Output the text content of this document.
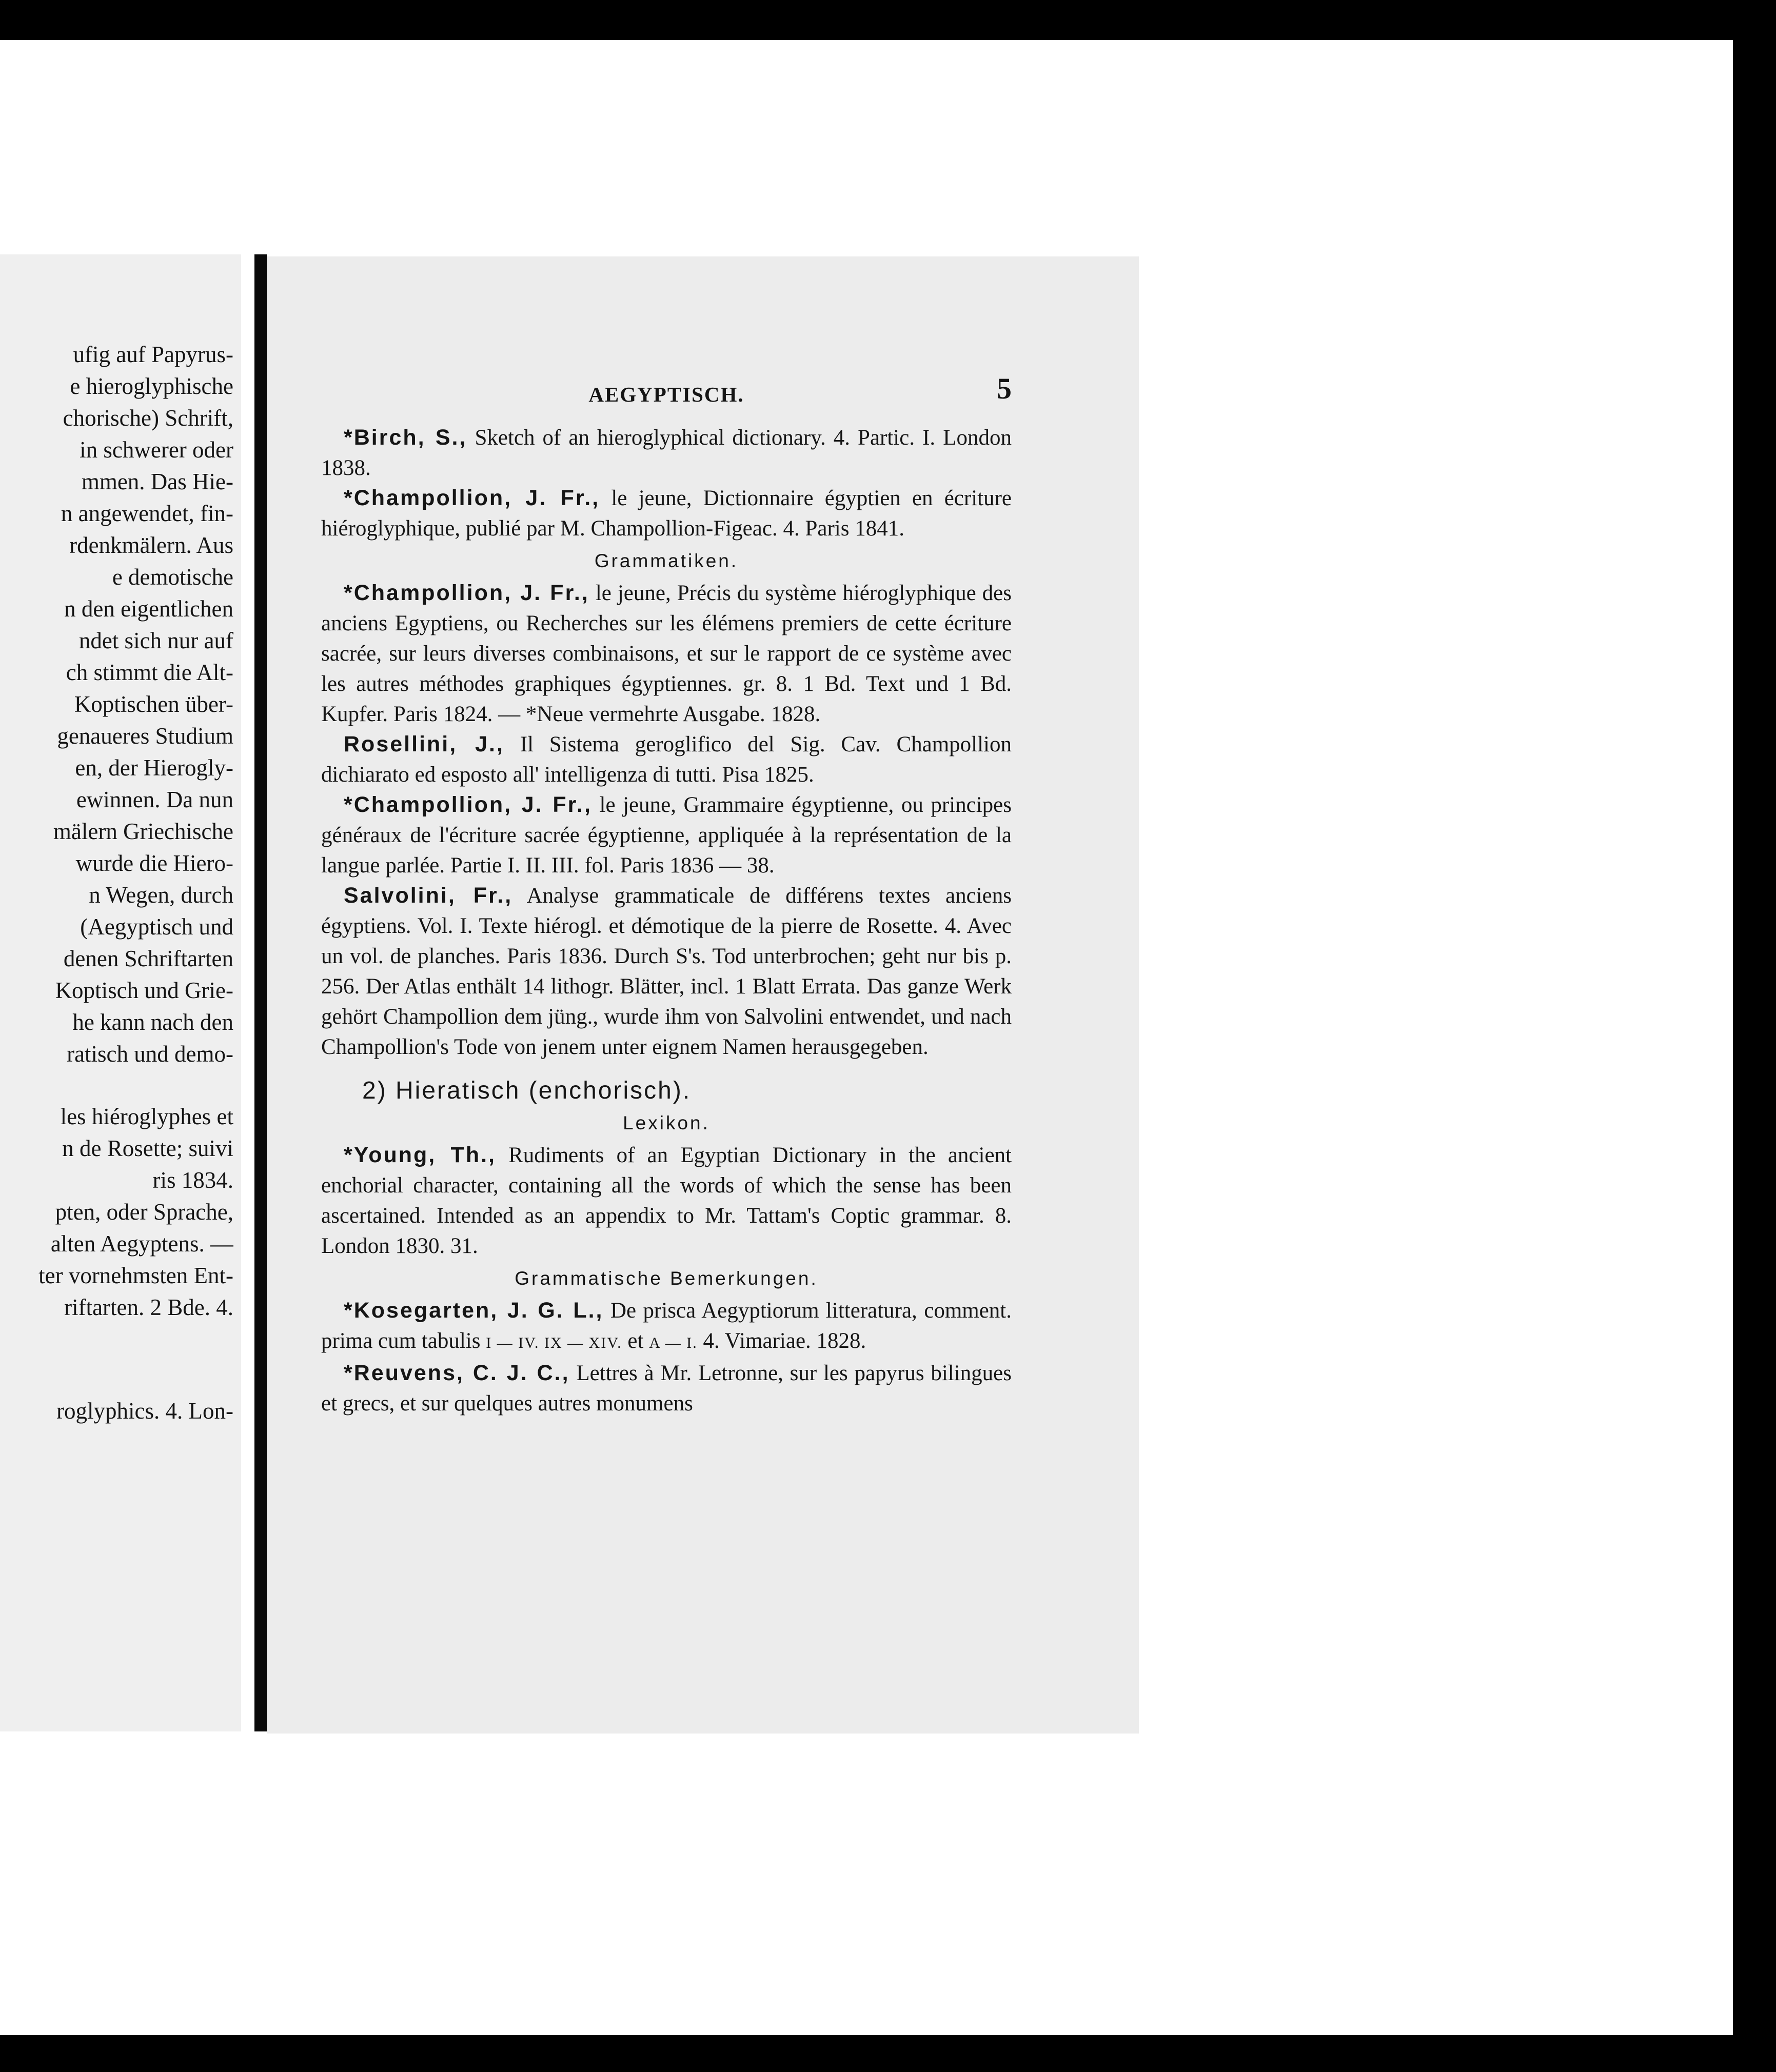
ufig auf Papyrus-
e hieroglyphische
chorische) Schrift,
in schwerer oder
mmen. Das Hie-
n angewendet, fin-
rdenkmälern. Aus
e demotische
n den eigentlichen
ndet sich nur auf
ch stimmt die Alt-
Koptischen über-
genaueres Studium
en, der Hierogly-
ewinnen. Da nun
mälern Griechische
wurde die Hiero-
n Wegen, durch
(Aegyptisch und
denen Schriftarten
Koptisch und Grie-
he kann nach den
ratisch und demo-
les hiéroglyphes et
n de Rosette; suivi
ris 1834.
pten, oder Sprache,
alten Aegyptens. —
ter vornehmsten Ent-
riftarten. 2 Bde. 4.
roglyphics. 4. Lon-
AEGYPTISCH.	5

*Birch, S., Sketch of an hieroglyphical dictionary. 4. Partic. I. London 1838.

*Champollion, J. Fr., le jeune, Dictionnaire égyptien en écriture hiéroglyphique, publié par M. Champollion-Figeac. 4. Paris 1841.

Grammatiken.

*Champollion, J. Fr., le jeune, Précis du système hiéroglyphique des anciens Egyptiens, ou Recherches sur les élémens premiers de cette écriture sacrée, sur leurs diverses combinaisons, et sur le rapport de ce système avec les autres méthodes graphiques égyptiennes. gr. 8. 1 Bd. Text und 1 Bd. Kupfer. Paris 1824. — *Neue vermehrte Ausgabe. 1828.

Rosellini, J., Il Sistema geroglifico del Sig. Cav. Champollion dichiarato ed esposto all' intelligenza di tutti. Pisa 1825.

*Champollion, J. Fr., le jeune, Grammaire égyptienne, ou principes généraux de l'écriture sacrée égyptienne, appliquée à la représentation de la langue parlée. Partie I. II. III. fol. Paris 1836 — 38.

Salvolini, Fr., Analyse grammaticale de différens textes anciens égyptiens. Vol. I. Texte hiérogl. et démotique de la pierre de Rosette. 4. Avec un vol. de planches. Paris 1836. Durch S's. Tod unterbrochen; geht nur bis p. 256. Der Atlas enthält 14 lithogr. Blätter, incl. 1 Blatt Errata. Das ganze Werk gehört Champollion dem jüng., wurde ihm von Salvolini entwendet, und nach Champollion's Tode von jenem unter eignem Namen herausgegeben.

2) Hieratisch (enchorisch).
Lexikon.

*Young, Th., Rudiments of an Egyptian Dictionary in the ancient enchorial character, containing all the words of which the sense has been ascertained. Intended as an appendix to Mr. Tattam's Coptic grammar. 8. London 1830. 31.

Grammatische Bemerkungen.

*Kosegarten, J. G. L., De prisca Aegyptiorum litteratura, comment. prima cum tabulis I — IV. IX — XIV. et A — I. 4. Vimariae. 1828.

*Reuvens, C. J. C., Lettres à Mr. Letronne, sur les papyrus bilingues et grecs, et sur quelques autres monumens
